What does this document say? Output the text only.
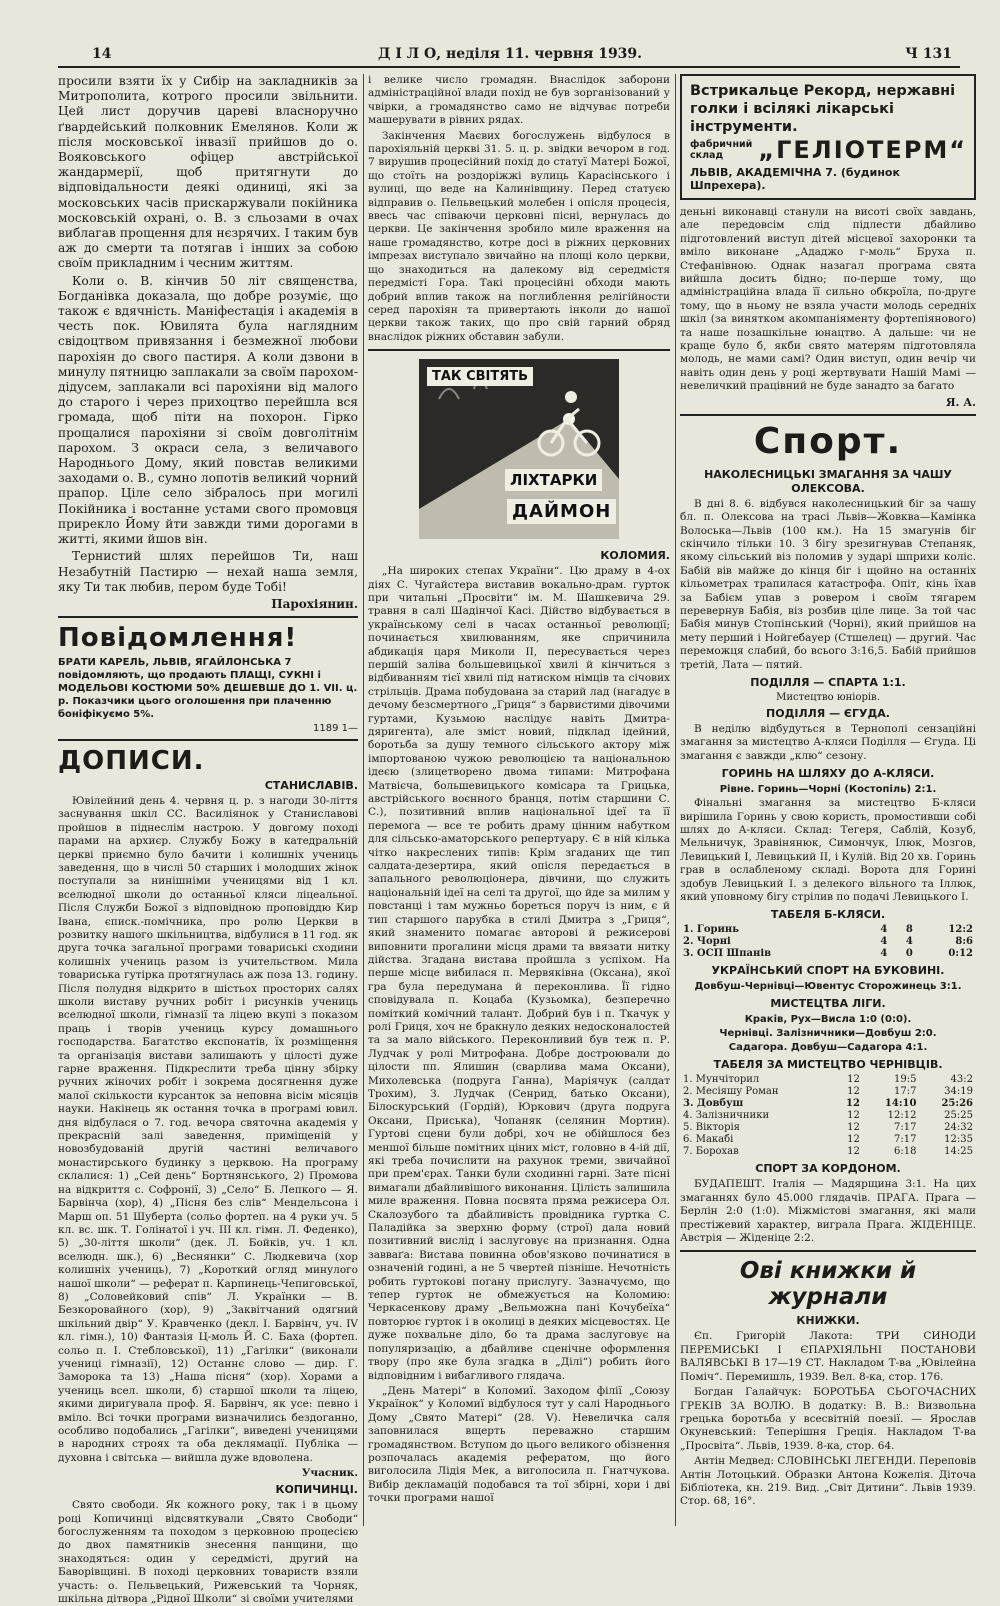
14	Д І Л О, неділя 11. червня 1939.	Ч 131

просили взяти їх у Сибір на закладників за Митрополита, котрого просили звільнити. Цей лист доручив цареві власноручно ґвардейський полковник Емелянов. Коли ж після московської інвазії прийшов до о. Вояковського офіцер австрійської жандармерії, щоб притягнути до відповідальности деякі одиниці, які за московських часів прискаржували покійника московській охрані, о. В. з сльозами в очах виблагав прощення для нєзрячих. І таким був аж до смерти та потягав і інших за собою своїм прикладним і чесним життям.

Коли о. В. кінчив 50 літ священства, Богданівка доказала, що добре розуміє, що також є вдячність. Маніфестація і академія в честь пок. Ювилята була наглядним свідоцтвом привязання і безмежної любови пароxіян до свого пастиря. А коли дзвони в минулу пятницю заплакали за своїм парохом-дідусем, заплакали всі парохіяни від малого до старого і через прихоцтво перейшла вся громада, щоб піти на похорон. Гірко прощалися парохіяни зі своїм довголітнім парохом. З окраси села, з величавого Народнього Дому, який повстав великими заходами о. В., сумно лопотів великий чорний прапор. Ціле село зібралось при могилі Покійника і востанне устами свого промовця прирекло Йому йти завжди тими дорогами в житті, якими йшов він.

Тернистий шлях перейшов Ти, наш Незабутній Пастирю — нехай наша земля, яку Ти так любив, пером буде Тобі!

Парохіянин.
Повідомлення!
БРАТИ КАРЕЛЬ, ЛЬВІВ, ЯГАЙЛОНСЬКА 7 повідомляють, що продають ПЛАЩІ, СУКНІ і МОДЕЛЬОВІ КОСТЮМИ 50% ДЕШЕВШЕ ДО 1. VII. ц. р. Показчики цього оголошення при плаченню боніфікуємо 5%.
1189 1—
ДОПИСИ.
СТАНИСЛАВІВ.

Ювілейний день 4. червня ц. р. з нагоди 30-ліття заснування шкіл СС. Василіянок у Станиславові пройшов в піднеслім настрою. У довгому поході парами на архиєр. Службу Божу в катедральній церкві приємно було бачити і колишніх учениць заведення, що в числі 50 старших і молодших жінок поступали за нинішніми ученицями від 1 кл. вселюдної школи до останньої кляси ліцеальної. Після Служби Божої з відповідною проповіддю Кир Івана, єписк.-помічника, про ролю Церкви в розвитку нашого шкільництва, відбулися в 11 год. як друга точка загальної програми товариські сходини колишніх учениць разом із учительством. Мила товариська гутірка протягнулась аж поза 13. годину. Після полудня відкрито в шістьох просторих салях школи виставу ручних робіт і рисунків учениць вселюдної школи, гімназії та ліцею вкупі з показом праць і творів учениць курсу домашнього господарства. Багатство експонатів, їх розміщення та організація вистави залишають у цілості дуже гарне враження. Підкреслити треба цінну збірку ручних жіночих робіт і зокрема досягнення дуже малої скількости курсанток за неповна вісім місяців науки. Накінець як остання точка в програмі ювил. дня відбулася о 7. год. вечора святочна академія у прекрасній залі заведення, приміщеній у новозбудованій другій частині величавого монастирського будинку з церквою. На програму склалися: 1) „Сей день“ Бортнянського, 2) Промова на відкриття с. Софронії, 3) „Село“ Б. Лепкого — Я. Барвінча (хор), 4) „Пісня без слів“ Мендельсона і Марш оп. 51 Шуберта (сольо фортеп. на 4 руки уч. 5 кл. вс. шк. Т. Голінатої і уч. III кл. гімн. Л. Феденко), 5) „30-ліття школи“ (дек. Л. Бойків, уч. 1 кл. вселюдн. шк.), 6) „Веснянки“ С. Людкевича (хор колишніх учениць), 7) „Короткий огляд минулого нашої школи“ — реферат п. Карпинець-Чепиговської, 8) „Соловейковий спів“ Л. Українки — В. Безкоровайного (хор), 9) „Заквітчаний одягний шкільний двір“ У. Кравченко (декл. І. Барвінч, уч. IV кл. гімн.), 10) Фантазія Ц-моль Й. С. Баха (фортеп. сольо п. І. Стебловської), 11) „Гагілки“ (виконали учениці гімназії), 12) Останнє слово — дир. Г. Заморока та 13) „Наша пісня“ (хор). Хорами а учениць всел. школи, б) старшої школи та ліцею, якими диригувала проф. Я. Барвінч, як усе: певно і вміло. Всі точки програми визначились бездоганно, особливо подобались „Гагілки“, виведені ученицями в народних строях та оба деклямації. Публіка — духовна і світська — вийшла дуже вдоволена.

Учасник.
КОПИЧИНЦІ.

Свято свободи. Як кожного року, так і в цьому році Копичинці відсвяткували „Свято Свободи“ богослуженням та походом з церковною процесією до двох памятників знесення панщини, що знаходяться: один у середмісті, другий на Баворівщині. В поході церковних товариств взяли участь: о. Пельвецький, Рижевський та Чорняк, шкільна дітвора „Рідної Школи“ зі своїми учителями

і велике число громадян. Внаслідок заборони адміністраційної влади похід не був зорганізований у чвірки, а громадянство само не відчуває потреби машерувати в рівних рядах.

Закінчення Маєвих богослужень відбулося в парохіяльній церкві 31. 5. ц. р. звідки вечором в год. 7 вирушив процесійний похід до статуї Матері Божої, що стоїть на роздоріжжі вулиць Карасінського і вулиці, що веде на Калинівщину. Перед статуєю відправив о. Пельвецький молебен і опісля процесія, ввесь час співаючи церковні пісні, вернулась до церкви. Це закінчення зробило миле враження на наше громадянство, котре досі в ріжних церковних імпрезах виступало звичайно на площі коло церкви, що знаходиться на далекому від середмістя передмісті Гора. Такі процесійні обходи мають добрий вплив також на поглиблення релігійности серед парохіян та привертають інколи до нашої церкви також таких, що про свій гарний обряд внаслідок ріжних обставин забули.

ТАК СВІТЯТЬ
ЛІХТАРКИ
ДАЙМОН
КОЛОМИЯ.

„На широких степах України“. Цю драму в 4-ох діях С. Чугайстера виставив вокально-драм. гурток при читальні „Просвіти“ ім. М. Шашкевича 29. травня в салі Шадінчої Касі. Дійство відбувається в українському селі в часах останньої революції; починається хвилюванням, яке спричинила абдикація царя Миколи II, пересувається через першій заліва большевицької хвилі й кінчиться з відбиванням тієї хвилі під натиском німців та січових стрільців. Драма побудована за старий лад (нагадує в дечому безсмертного „Гриця“ з барвистими дівочими гуртами, Кузьмою наслідує навіть Дмитра-дяригента), але зміст новий, підклад ідейний, боротьба за душу темного сільського актору між імпортованою чужою революцією та національною ідеєю (злицетворено двома типами: Митрофана Матвієча, большевицького комісара та Грицька, австрійського воєнного бранця, потім старшини С. С.), позитивний вплив національної ідеї та її перемога — все те робить драму цінним набутком для сільсько-аматорського репертуару. Є в ній кілька чітко накреслених типів: Крім згаданих ще тип салдата-дезертира, який опісля передається в запального революціонера, дівчини, що служить національній ідеї на селі та другої, що йде за милим у повстанці і там мужньо бореться поруч із ним, є й тип старшого парубка в стилі Дмитра з „Гриця“, який знаменито помагає авторові й режисерові виповнити прогалини місця драми та ввязати нитку дійства. Згадана вистава пройшла з успіхом. На перше місце вибилася п. Мервяківна (Оксана), якої гра була передумана й переконлива. Її гідно сповідувала п. Коцаба (Кузьомка), безперечно поміткий комічний талант. Добрий був і п. Ткачук у ролі Гриця, хоч не бракнуло деяких недосконалостей та за мало війського. Переконливий був теж п. Р. Лудчак у ролі Митрофана. Добре достроювали до цілости пп. Ялишин (сварлива мама Оксани), Михолевська (подруга Ганна), Маріячук (салдат Трохим), З. Лудчак (Сенрид, батько Оксани), Білоскурський (Гордій), Юркович (друга подруга Оксани, Приська), Чопаняк (селянин Мортин). Гуртові сцени були добрі, хоч не обійшлося без меншої більше помітних ціних міст, головно в 4-ій дії, які треба почислити на рахунок треми, звичайної при прем'єрах. Танки були сходинні гарні. Зате пісні вимагали дбайливішого виконання. Цілість залишила миле враження. Повна посвята пряма режисера Ол. Скалозубого та дбайливість провідника гуртка С. Паладійка за зверхню форму (строї) дала новий позитивний вислід і заслуговує на признання. Одна завваґа: Вистава повинна обов'язково починатися в означеній годині, а не 5 чвертей пізніше. Нечотність робить гуртокові погану прислугу. Зазначуємо, що тепер гурток не обмежується на Коломию: Черкасенкову драму „Вельможна пані Кочубеїха“ повторює гурток і в околиці в деяких місцевостях. Це дуже похвальне діло, бо та драма заслуговує на популяризацію, а дбайливе сценічне оформлення твору (про яке була згадка в „Ділі“) робить його відповідним і вибагливого глядача.

„День Матері“ в Коломиї. Заходом філії „Союзу Українок“ у Коломиї відбулося тут у салі Народнього Дому „Свято Матері“ (28. V). Невеличка саля заповнилася вщерть переважно старшим громадянством. Вступом до цього великого обізнення розпочалась академія рефератом, що його виголосила Лідія Мек, а виголосила п. Гнатчукова. Вибір декламацій подобався та тої збірні, хори і дві точки програми нашої

Встрикальце Рекорд, нержавні голки і всілякі лікарські інструменти.
фабричний
склад	„ГЕЛІОТЕРМ“
ЛЬВІВ, АКАДЕМІЧНА 7. (будинок Шпрехера).

деньні виконавці станули на висоті своїх завдань, але передовсім слід підлести дбайливо підготовлений виступ дітей місцевої захоронки та вміло виконане „Ададжо г-моль“ Бруха п. Стефанівною. Однак назагал програма свята вийшла досить бідно; по-перше тому, що адміністраційна влада її сильно обкроїла, по-друге тому, що в ньому не взяла участи молодь середніх шкіл (за винятком акомпаніяменту фортепіянового) та наше позашкільне юнацтво. А дальше: чи не краще було б, якби свято матерям підготовляла молодь, не мами самі? Один виступ, один вечір чи навіть один день у році жертвувати Нашій Мамі — невеличкий працівний не буде занадто за багато

Я. А.
Спорт.
НАКОЛЕСНИЦЬКІ ЗМАГАННЯ ЗА ЧАШУ ОЛЕКСОВА.

В дні 8. 6. відбувся наколесницький біг за чашу бл. п. Олексова на трасі Львів—Жовква—Камінка Волоська—Львів (100 км.). На 15 змагунів біг скінчило тільки 10. З бігу зрезигнував Степаняк, якому сільський віз поломив у зударі шприхи коліс. Бабій вів майже до кінця біг і щойно на останніх кільометрах трапилася катастрофа. Опіт, кінь їхав за Бабієм упав з ровером і своїм тягарем перевернув Бабія, віз розбив ціле лице. За той час Бабія минув Стопінський (Чорні), який прийшов на мету перший і Нойгебауер (Стшелец) — другий. Час переможця слабий, бо всього 3:16,5. Бабій прийшов третій, Лата — пятий.

ПОДІЛЛЯ — СПАРТА 1:1.
Мистецтво юніорів.
ПОДІЛЛЯ — ЄГУДА.

В неділю відбудуться в Тернополі сензаційні змагання за мистецтво А-кляси Поділля — Єгуда. Ці змагання є завжди „клю“ сезону.

ГОРИНЬ НА ШЛЯХУ ДО А-КЛЯСИ.
Рівне. Горинь—Чорні (Костопіль) 2:1.

Фінальні змагання за мистецтво Б-кляси вирішила Горинь у свою користь, промостивши собі шлях до А-кляси. Склад: Тегеря, Саблій, Козуб, Мельничук, Зравінянюк, Симончук, Ілюк, Мозгов, Левицький І, Левицький ІІ, і Кулій. Від 20 хв. Горинь грав в ослабленому складі. Ворота для Горині здобув Левицький І. з делекого вільного та Іллюк, який уповному бігу стрілив по подачі Левицького І.

ТАБЕЛЯ Б-КЛЯСИ.
1. Горинь	4	8	12:2
2. Чорні	4	4	8:6
3. ОСП Шпанів	4	0	0:12
УКРАЇНСЬКИЙ СПОРТ НА БУКОВИНІ.
Довбуш-Чернівці—Ювентус Сторожинець 3:1.
МИСТЕЦТВА ЛІГИ.
Кракiв, Рух—Висла 1:0 (0:0).
Чернівці. Залізничники—Довбуш 2:0.
Садагора. Довбуш—Садагора 4:1.
ТАБЕЛЯ ЗА МИСТЕЦТВО ЧЕРНІВЦІВ.
1. Мунчіторил	12	19:5	43:2
2. Месіяшу Роман	12	17:7	34:19
3. Довбуш	12	14:10	25:26
4. Залізничники	12	12:12	25:25
5. Вікторія	12	7:17	24:32
6. Макабі	12	7:17	12:35
7. Борохав	12	6:18	14:25
СПОРТ ЗА КОРДОНОМ.

БУДАПЕШТ. Італія — Мадярщина 3:1. На цих змаганнях було 45.000 глядачів. ПРАГА. Прага — Берлін 2:0 (1:0). Міжмістові змагання, які мали престіжевий характер, виграла Прага. ЖІДЕНІЦЕ. Австрія — Жіденіце 2:2.

Ові книжки й журнали
КНИЖКИ.

Єп. Григорій Лакота: ТРИ СИНОДИ ПЕРЕМИСЬКІ І ЄПАРХІЯЛЬНІ ПОСТАНОВИ ВАЛЯВСЬКІ В 17—19 СТ. Накладом Т-ва „Ювілейна Поміч“. Перемишль, 1939. Вел. 8-ка, стор. 176.

Богдан Галайчук: БОРОТЬБА СЬОГОЧАСНИХ ГРЕКІВ ЗА ВОЛЮ. В додатку: В. В.: Визвольна грецька боротьба у всесвітній поезії. — Ярослав Окуневський: Теперішня Греція. Накладом Т-ва „Просвіта“. Львів, 1939. 8-ка, стор. 64.

Антін Медвед: СЛОВІНСЬКІ ЛЕГЕНДИ. Переповів Антін Лотоцький. Образки Антона Кожелія. Діточа Бібліотека, кн. 219. Вид. „Світ Дитини“. Львів 1939. Стор. 68, 16°.
